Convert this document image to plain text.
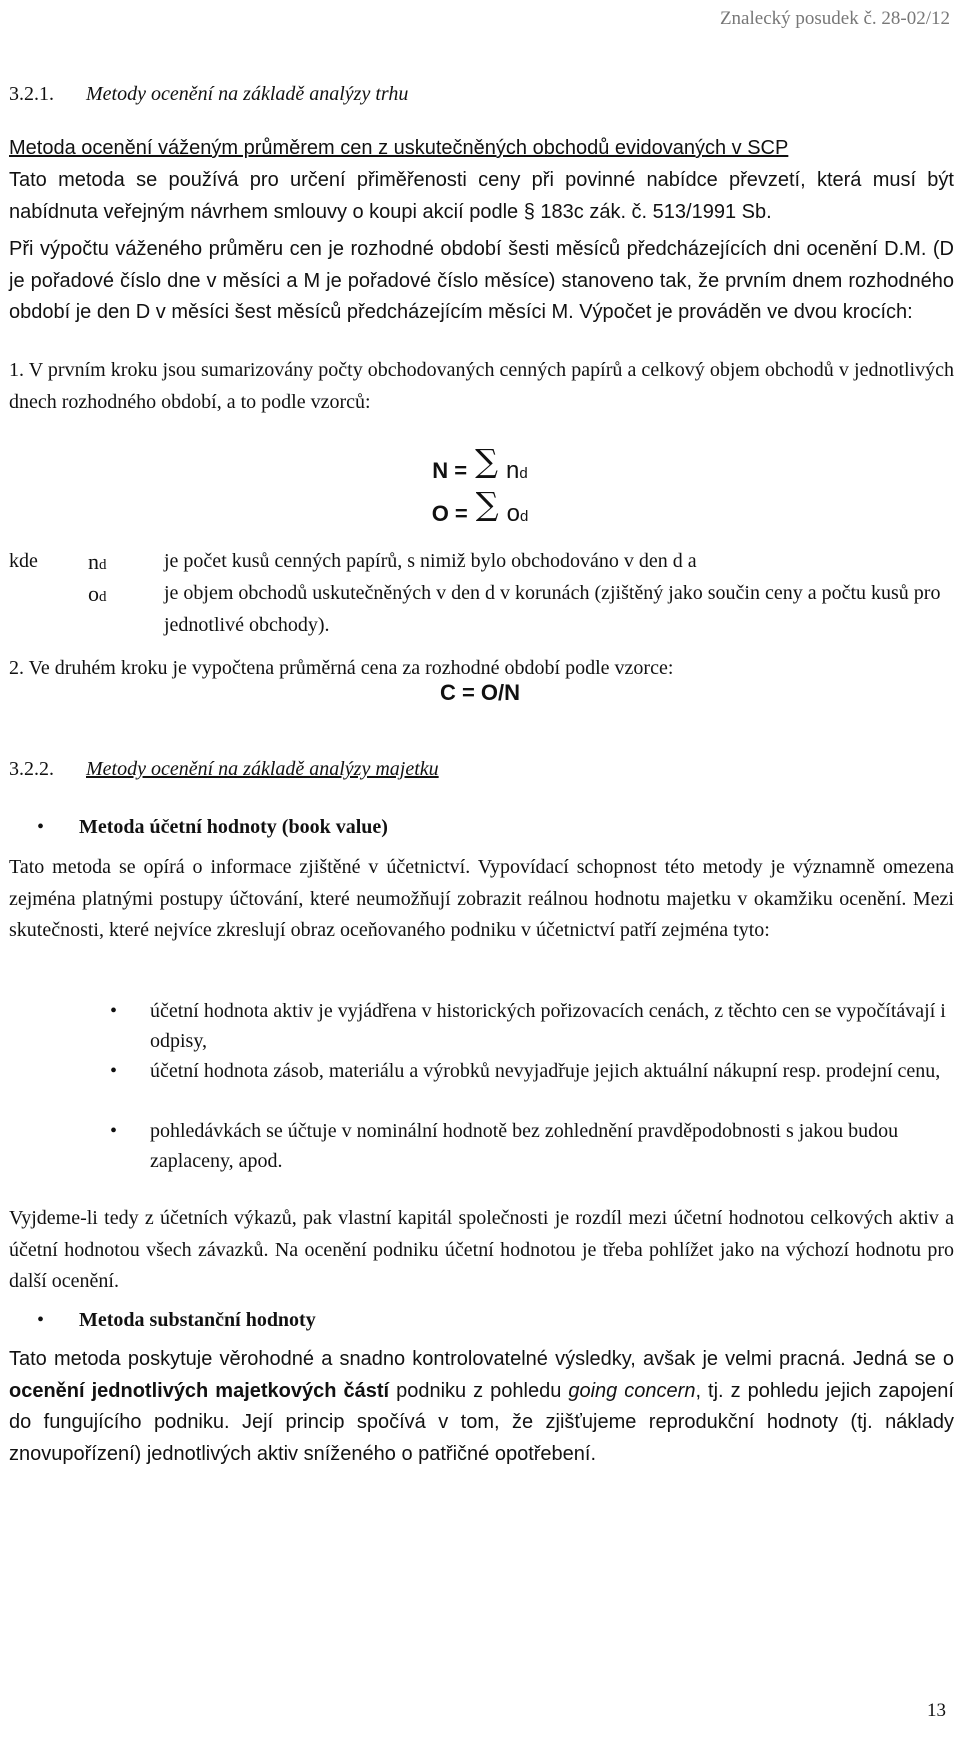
Znalecký posudek č. 28-02/12
3.2.1. Metody ocenění na základě analýzy trhu
Metoda ocenění váženým průměrem cen z uskutečněných obchodů evidovaných v SCP
Tato metoda se používá pro určení přiměřenosti ceny při povinné nabídce převzetí, která musí být nabídnuta veřejným návrhem smlouvy o koupi akcií podle § 183c zák. č. 513/1991 Sb.
Při výpočtu váženého průměru cen je rozhodné období šesti měsíců předcházejících dni ocenění D.M. (D je pořadové číslo dne v měsíci a M je pořadové číslo měsíce) stanoveno tak, že prvním dnem rozhodného období je den D v měsíci šest měsíců předcházejícím měsíci M. Výpočet je prováděn ve dvou krocích:
1. V prvním kroku jsou sumarizovány počty obchodovaných cenných papírů a celkový objem obchodů v jednotlivých dnech rozhodného období, a to podle vzorců:
N = ∑ nd
O = ∑ od
kde nd	je počet kusů cenných papírů, s nimiž bylo obchodováno v den d a
od	je objem obchodů uskutečněných v den d v korunách (zjištěný jako součin ceny a počtu kusů pro jednotlivé obchody).
2. Ve druhém kroku je vypočtena průměrná cena za rozhodné období podle vzorce:
C = O/N
3.2.2. Metody ocenění na základě analýzy majetku
• Metoda účetní hodnoty (book value)
Tato metoda se opírá o informace zjištěné v účetnictví. Vypovídací schopnost této metody je významně omezena zejména platnými postupy účtování, které neumožňují zobrazit reálnou hodnotu majetku v okamžiku ocenění. Mezi skutečnosti, které nejvíce zkreslují obraz oceňovaného podniku v účetnictví patří zejména tyto:
• účetní hodnota aktiv je vyjádřena v historických pořizovacích cenách, z těchto cen se vypočítávají i odpisy,
• účetní hodnota zásob, materiálu a výrobků nevyjadřuje jejich aktuální nákupní resp. prodejní cenu,
• pohledávkách se účtuje v nominální hodnotě bez zohlednění pravděpodobnosti s jakou budou zaplaceny, apod.
Vyjdeme-li tedy z účetních výkazů, pak vlastní kapitál společnosti je rozdíl mezi účetní hodnotou celkových aktiv a účetní hodnotou všech závazků. Na ocenění podniku účetní hodnotou je třeba pohlížet jako na výchozí hodnotu pro další ocenění.
• Metoda substanční hodnoty
Tato metoda poskytuje věrohodné a snadno kontrolovatelné výsledky, avšak je velmi pracná. Jedná se o ocenění jednotlivých majetkových částí podniku z pohledu going concern, tj. z pohledu jejich zapojení do fungujícího podniku. Její princip spočívá v tom, že zjišťujeme reprodukční hodnoty (tj. náklady znovupořízení) jednotlivých aktiv sníženého o patřičné opotřebení.
13
